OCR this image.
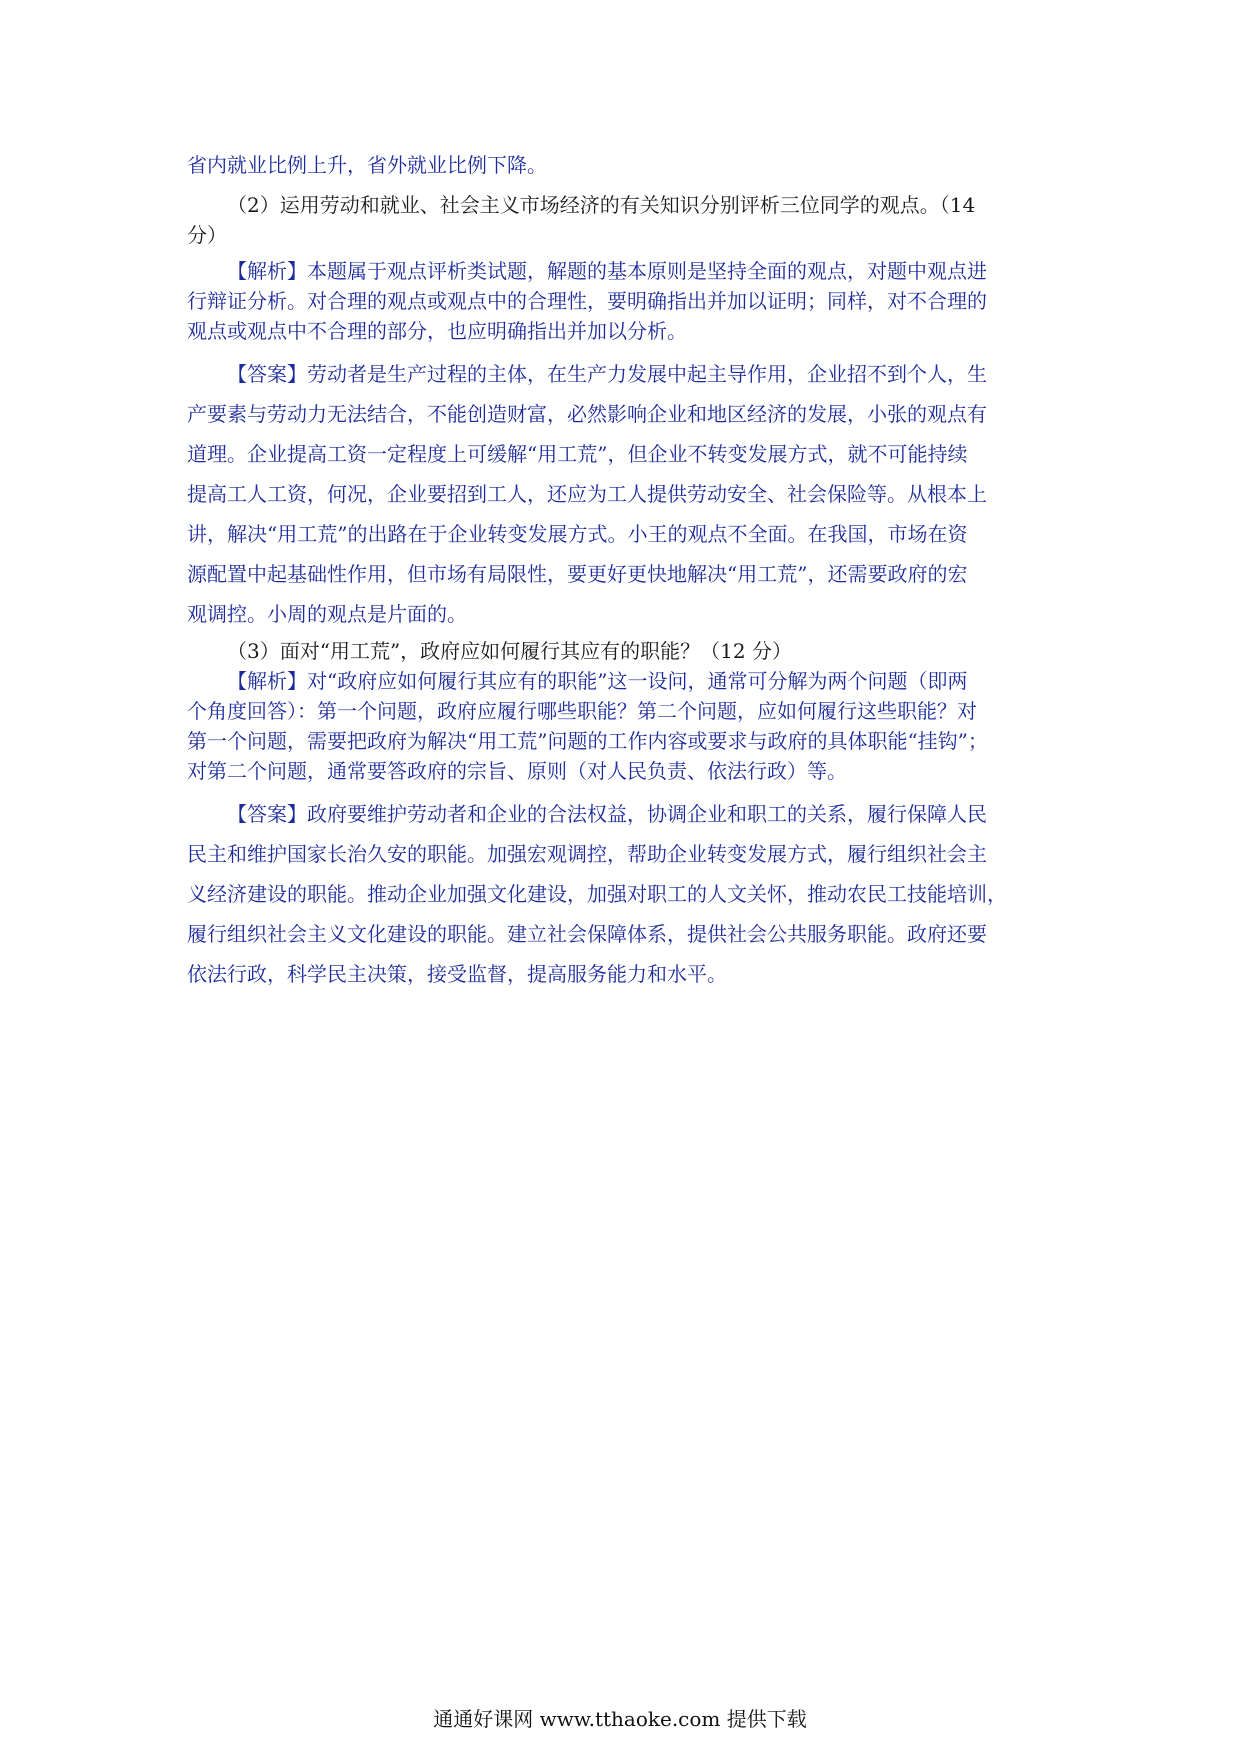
省内就业比例上升，省外就业比例下降。
（2）运用劳动和就业、社会主义市场经济的有关知识分别评析三位同学的观点。（14
分）
【解析】本题属于观点评析类试题，解题的基本原则是坚持全面的观点，对题中观点进
行辩证分析。对合理的观点或观点中的合理性，要明确指出并加以证明；同样，对不合理的
观点或观点中不合理的部分，也应明确指出并加以分析。
【答案】劳动者是生产过程的主体，在生产力发展中起主导作用，企业招不到个人，生
产要素与劳动力无法结合，不能创造财富，必然影响企业和地区经济的发展，小张的观点有
道理。企业提高工资一定程度上可缓解“用工荒”，但企业不转变发展方式，就不可能持续
提高工人工资，何况，企业要招到工人，还应为工人提供劳动安全、社会保险等。从根本上
讲，解决“用工荒”的出路在于企业转变发展方式。小王的观点不全面。在我国，市场在资
源配置中起基础性作用，但市场有局限性，要更好更快地解决“用工荒”，还需要政府的宏
观调控。小周的观点是片面的。
（3）面对“用工荒”，政府应如何履行其应有的职能？（12 分）
【解析】对“政府应如何履行其应有的职能”这一设问，通常可分解为两个问题（即两
个角度回答）：第一个问题，政府应履行哪些职能？第二个问题，应如何履行这些职能？对
第一个问题，需要把政府为解决“用工荒”问题的工作内容或要求与政府的具体职能“挂钩”；
对第二个问题，通常要答政府的宗旨、原则（对人民负责、依法行政）等。
【答案】政府要维护劳动者和企业的合法权益，协调企业和职工的关系，履行保障人民
民主和维护国家长治久安的职能。加强宏观调控，帮助企业转变发展方式，履行组织社会主
义经济建设的职能。推动企业加强文化建设，加强对职工的人文关怀，推动农民工技能培训，
履行组织社会主义文化建设的职能。建立社会保障体系，提供社会公共服务职能。政府还要
依法行政，科学民主决策，接受监督，提高服务能力和水平。
通通好课网 www.tthaoke.com 提供下载
